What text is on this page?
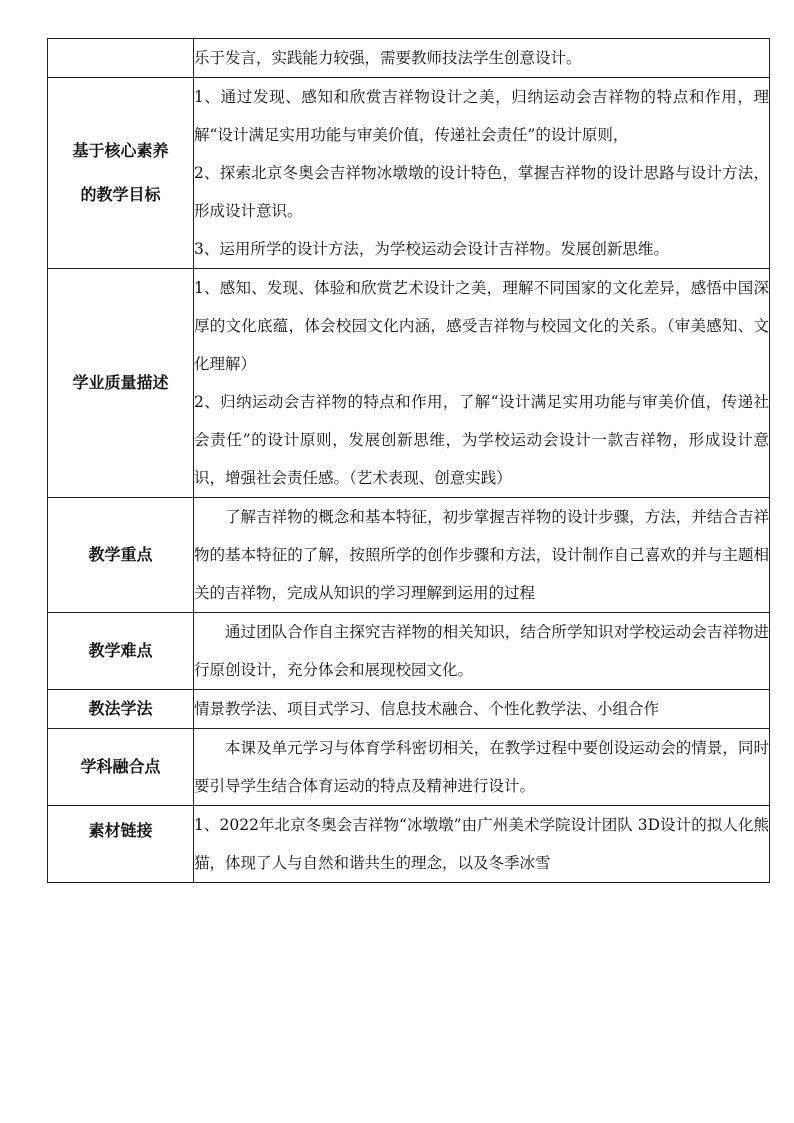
	乐于发言，实践能力较强，需要教师技法学生创意设计。

基于核心素养的教学目标	1、通过发现、感知和欣赏吉祥物设计之美，归纳运动会吉祥物的特点和作用，理解“设计满足实用功能与审美价值，传递社会责任”的设计原则，

2、探索北京冬奥会吉祥物冰墩墩的设计特色，掌握吉祥物的设计思路与设计方法，形成设计意识。

3、运用所学的设计方法，为学校运动会设计吉祥物。发展创新思维。

学业质量描述	1、感知、发现、体验和欣赏艺术设计之美，理解不同国家的文化差异，感悟中国深厚的文化底蕴，体会校园文化内涵，感受吉祥物与校园文化的关系。（审美感知、文化理解）

2、归纳运动会吉祥物的特点和作用，了解“设计满足实用功能与审美价值，传递社会责任”的设计原则，发展创新思维，为学校运动会设计一款吉祥物，形成设计意识，增强社会责任感。（艺术表现、创意实践）

教学重点	了解吉祥物的概念和基本特征，初步掌握吉祥物的设计步骤，方法，并结合吉祥物的基本特征的了解，按照所学的创作步骤和方法，设计制作自己喜欢的并与主题相关的吉祥物，完成从知识的学习理解到运用的过程

教学难点	通过团队合作自主探究吉祥物的相关知识，结合所学知识对学校运动会吉祥物进行原创设计，充分体会和展现校园文化。

教法学法	情景教学法、项目式学习、信息技术融合、个性化教学法、小组合作

学科融合点	本课及单元学习与体育学科密切相关，在教学过程中要创设运动会的情景，同时要引导学生结合体育运动的特点及精神进行设计。

素材链接	1、2022年北京冬奥会吉祥物“冰墩墩”由广州美术学院设计团队 3D设计的拟人化熊猫，体现了人与自然和谐共生的理念，以及冬季冰雪
